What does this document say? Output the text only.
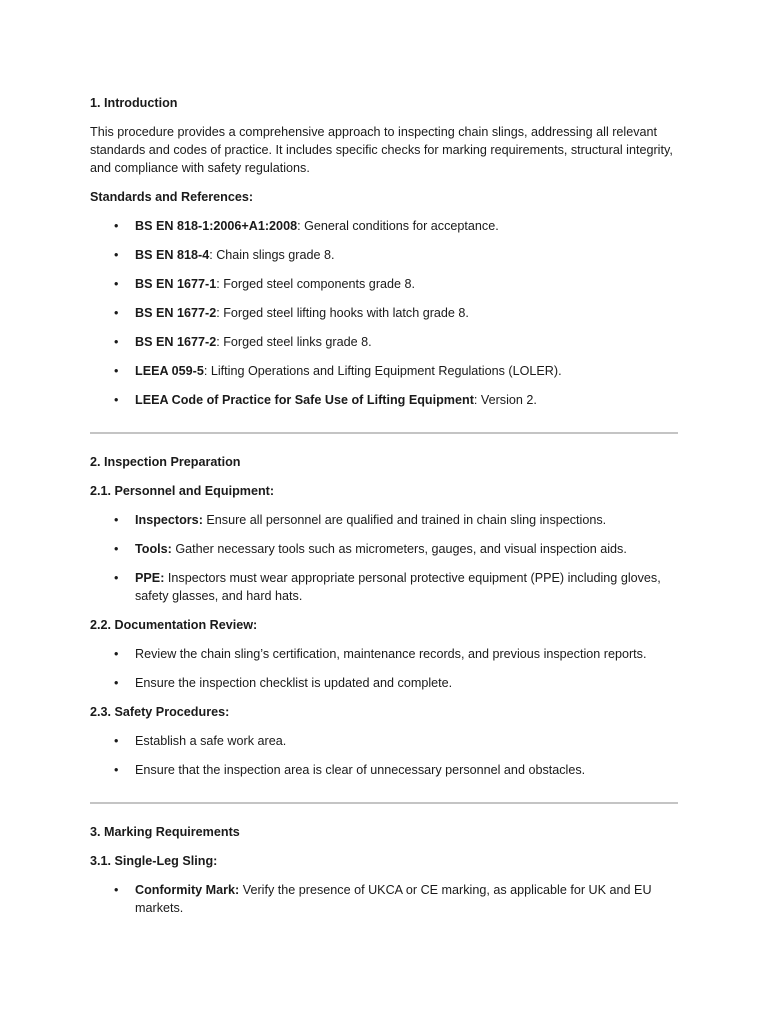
1. Introduction

This procedure provides a comprehensive approach to inspecting chain slings, addressing all relevant standards and codes of practice. It includes specific checks for marking requirements, structural integrity, and compliance with safety regulations.

Standards and References:

• BS EN 818-1:2006+A1:2008: General conditions for acceptance.
• BS EN 818-4: Chain slings grade 8.
• BS EN 1677-1: Forged steel components grade 8.
• BS EN 1677-2: Forged steel lifting hooks with latch grade 8.
• BS EN 1677-2: Forged steel links grade 8.
• LEEA 059-5: Lifting Operations and Lifting Equipment Regulations (LOLER).
• LEEA Code of Practice for Safe Use of Lifting Equipment: Version 2.

2. Inspection Preparation

2.1. Personnel and Equipment:

• Inspectors: Ensure all personnel are qualified and trained in chain sling inspections.
• Tools: Gather necessary tools such as micrometers, gauges, and visual inspection aids.
• PPE: Inspectors must wear appropriate personal protective equipment (PPE) including gloves, safety glasses, and hard hats.

2.2. Documentation Review:

• Review the chain sling’s certification, maintenance records, and previous inspection reports.
• Ensure the inspection checklist is updated and complete.

2.3. Safety Procedures:

• Establish a safe work area.
• Ensure that the inspection area is clear of unnecessary personnel and obstacles.

3. Marking Requirements

3.1. Single-Leg Sling:

• Conformity Mark: Verify the presence of UKCA or CE marking, as applicable for UK and EU markets.
